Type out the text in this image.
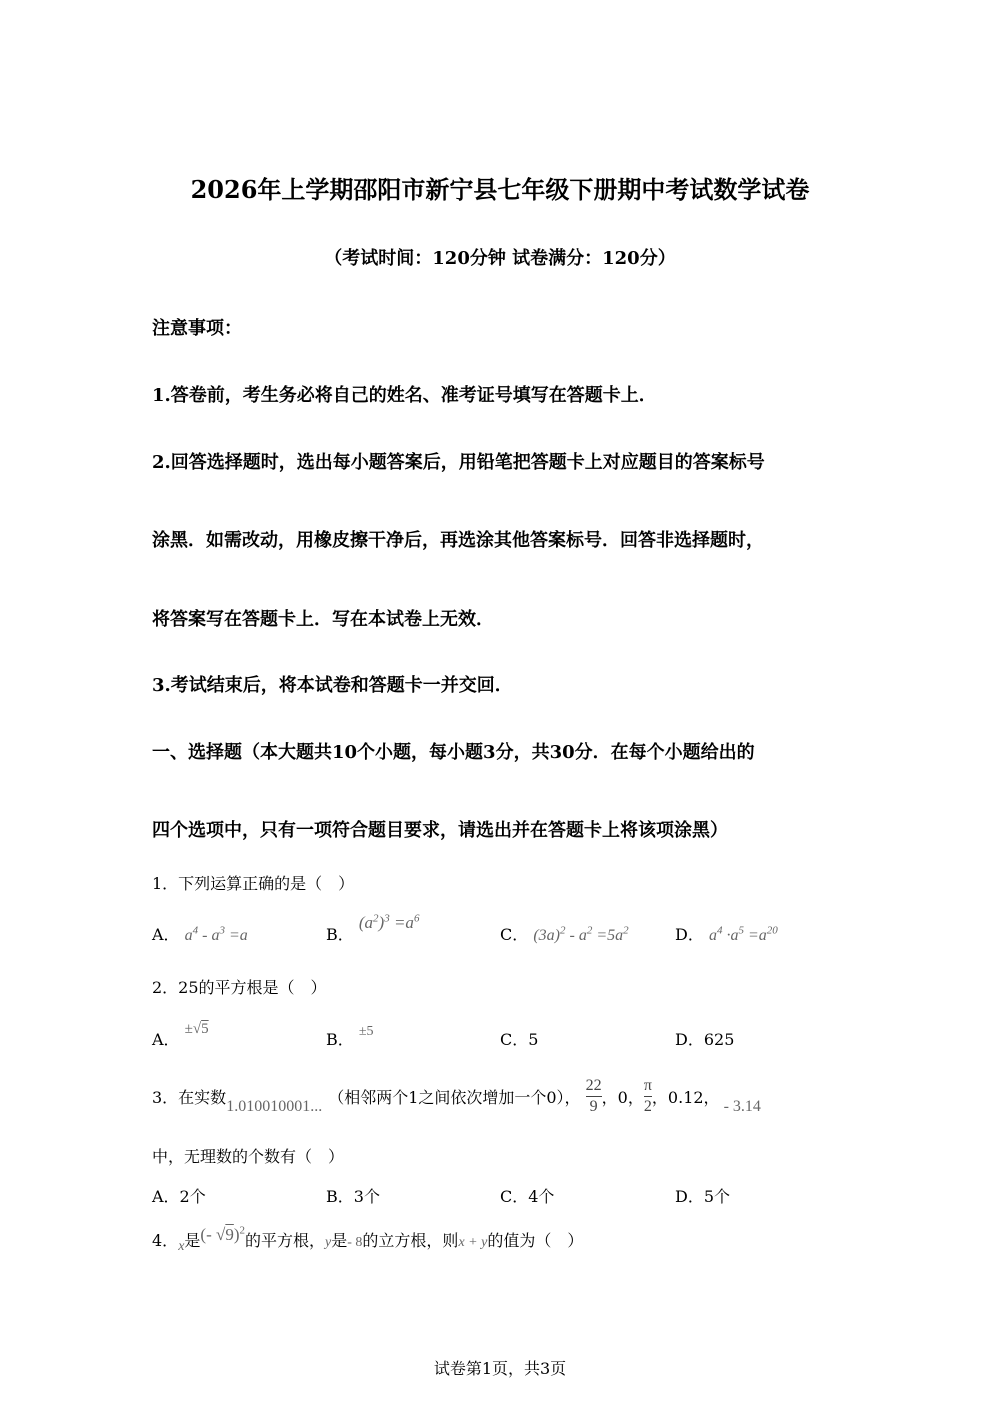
2026年上学期邵阳市新宁县七年级下册期中考试数学试卷
（考试时间：120分钟 试卷满分：120分）
注意事项：
1.答卷前，考生务必将自己的姓名、准考证号填写在答题卡上．
2.回答选择题时，选出每小题答案后，用铅笔把答题卡上对应题目的答案标号
涂黑．如需改动，用橡皮擦干净后，再选涂其他答案标号．回答非选择题时，
将答案写在答题卡上．写在本试卷上无效．
3.考试结束后，将本试卷和答题卡一并交回．
一、选择题（本大题共10个小题，每小题3分，共30分．在每个小题给出的
四个选项中，只有一项符合题目要求，请选出并在答题卡上将该项涂黑）
1．下列运算正确的是（　）
A． $a^4 - a^3 =a$	B． $(a^2)^3 =a^6$
C． $(3a)^2 - a^2 =5a^2$	D． $a^4 \cdot a^5 =a^{20}$
2．25的平方根是（　）
A． ±√5
B． ±5	C．5	D．625
3．在实数1.010010001... （相邻两个1之间依次增加一个0）， $\frac{22}{9}$ ，0， $\frac{\pi}{2}$ ，0.12， - 3.14
中，无理数的个数有（　）
A．2个	B．3个	C．4个	D．5个
4．x是(- √9)$^2$的平方根，y是- 8的立方根，则x + y的值为（　）
试卷第1页，共3页
